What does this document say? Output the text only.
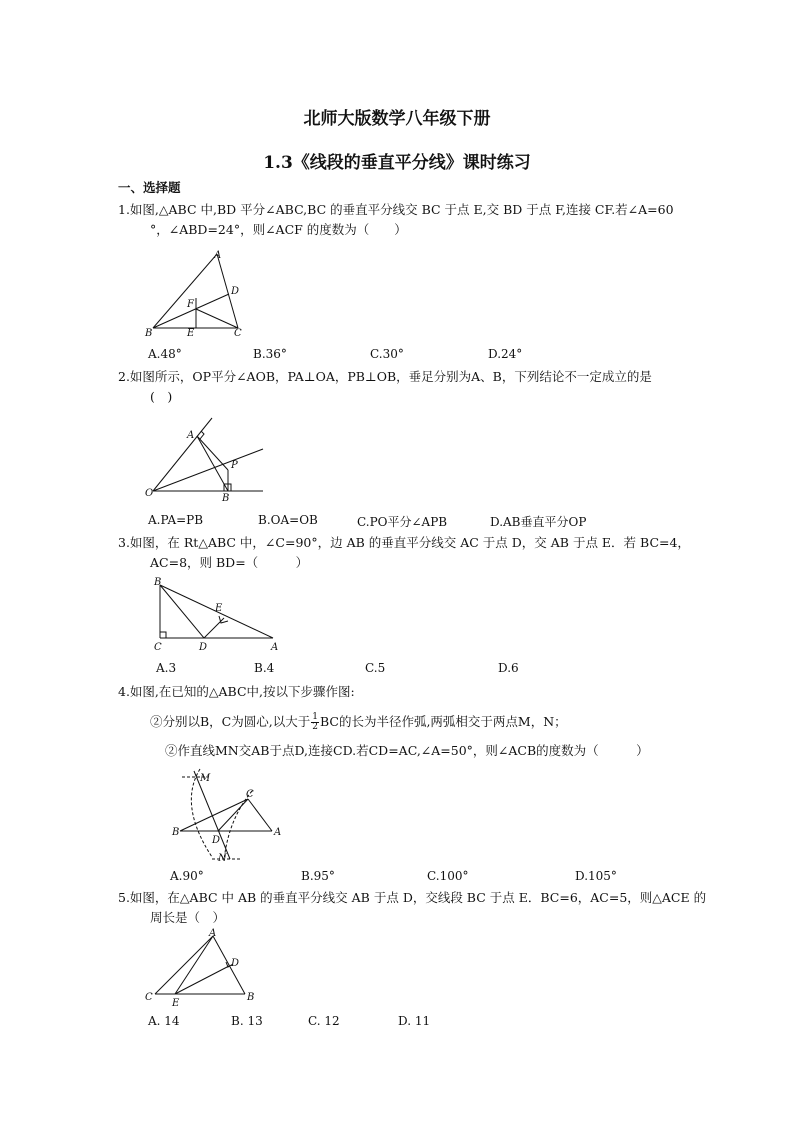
北师大版数学八年级下册
1.3《线段的垂直平分线》课时练习
一、选择题
1.如图,△ABC 中,BD 平分∠ABC,BC 的垂直平分线交 BC 于点 E,交 BD 于点 F,连接 CF.若∠A=60
°，∠ABD=24°，则∠ACF 的度数为（　　）
A
B	C
D
E
F
A.48°	B.36°	C.30°	D.24°
2.如图所示，OP平分∠AOB，PA⊥OA，PB⊥OB，垂足分别为A、B，下列结论不一定成立的是
(　)
A
B
O
P
A.PA=PB	B.OA=OB	C.PO平分∠APB	D.AB垂直平分OP
3.如图，在 Rt△ABC 中，∠C=90°，边 AB 的垂直平分线交 AC 于点 D，交 AB 于点 E．若 BC=4，
AC=8，则 BD=（　　　）
B
C	D
E
A
A.3	B.4	C.5	D.6
4.如图,在已知的△ABC中,按以下步骤作图:
②分别以B，C为圆心,以大于 $\frac{1}{2}$ BC的长为半径作弧,两弧相交于两点M，N；
②作直线MN交AB于点D,连接CD.若CD=AC,∠A=50°，则∠ACB的度数为（　　　）
M
B
C
A
D
N
A.90°	B.95°	C.100°	D.105°
5.如图，在△ABC 中 AB 的垂直平分线交 AB 于点 D，交线段 BC 于点 E．BC=6，AC=5，则△ACE 的
周长是（　）
A
B
C
D
E
A. 14	B. 13	C. 12	D. 11
